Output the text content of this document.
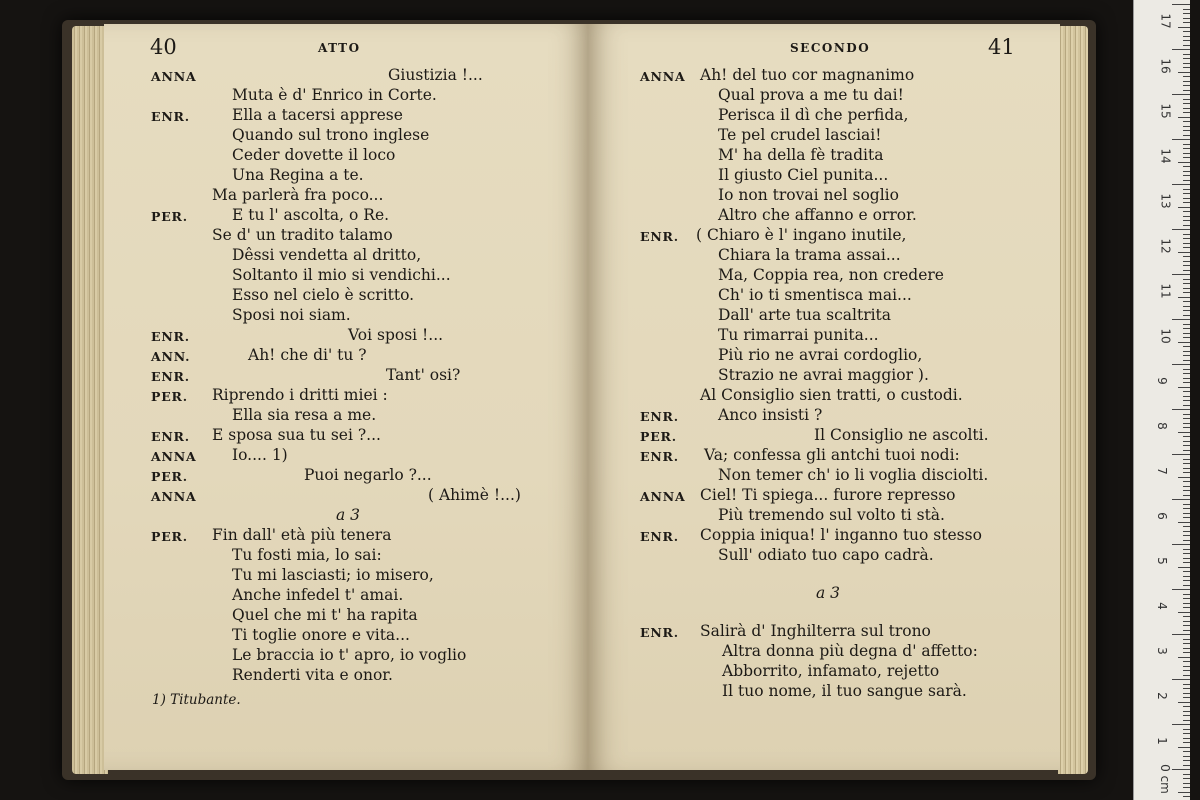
40	ATTO
ANNA
ENR.
PER.
ENR.
ANN.
ENR.
PER.
ENR.
ANNA
PER.
ANNA
PER.
Giustizia !...
Muta è d' Enrico in Corte.
Ella a tacersi apprese
Quando sul trono inglese
Ceder dovette il loco
Una Regina a te.
Ma parlerà fra poco...
E tu l' ascolta, o Re.
Se d' un tradito talamo
Dêssi vendetta al dritto,
Soltanto il mio si vendichi...
Esso nel cielo è scritto.
Sposi noi siam.
Voi sposi !...
Ah! che di' tu ?
Tant' osi?
Riprendo i dritti miei :
Ella sia resa a me.
E sposa sua tu sei ?...
Io.... 1)
Puoi negarlo ?...
( Ahimè !...)
a 3
Fin dall' età più tenera
Tu fosti mia, lo sai:
Tu mi lasciasti; io misero,
Anche infedel t' amai.
Quel che mi t' ha rapita
Ti toglie onore e vita...
Le braccia io t' apro, io voglio
Renderti vita e onor.
1) Titubante.
SECONDO	41
ANNA
ENR.
ENR.
PER.
ENR.
ANNA
ENR.
ENR.
Ah! del tuo cor magnanimo
Qual prova a me tu dai!
Perisca il dì che perfida,
Te pel crudel lasciai!
M' ha della fè tradita
Il giusto Ciel punita...
Io non trovai nel soglio
Altro che affanno e orror.
( Chiaro è l' ingano inutile,
Chiara la trama assai...
Ma, Coppia rea, non credere
Ch' io ti smentisca mai...
Dall' arte tua scaltrita
Tu rimarrai punita...
Più rio ne avrai cordoglio,
Strazio ne avrai maggior ).
Al Consiglio sien tratti, o custodi.
Anco insisti ?
Il Consiglio ne ascolti.
Va; confessa gli antchi tuoi nodi:
Non temer ch' io li voglia disciolti.
Ciel! Ti spiega... furore represso
Più tremendo sul volto ti stà.
Coppia iniqua! l' inganno tuo stesso
Sull' odiato tuo capo cadrà.
a 3
Salirà d' Inghilterra sul trono
Altra donna più degna d' affetto:
Abborrito, infamato, rejetto
Il tuo nome, il tuo sangue sarà.
17
16
15
14
13
12
11
10
9
8
7
6
5
4
3
2
1
0 cm
